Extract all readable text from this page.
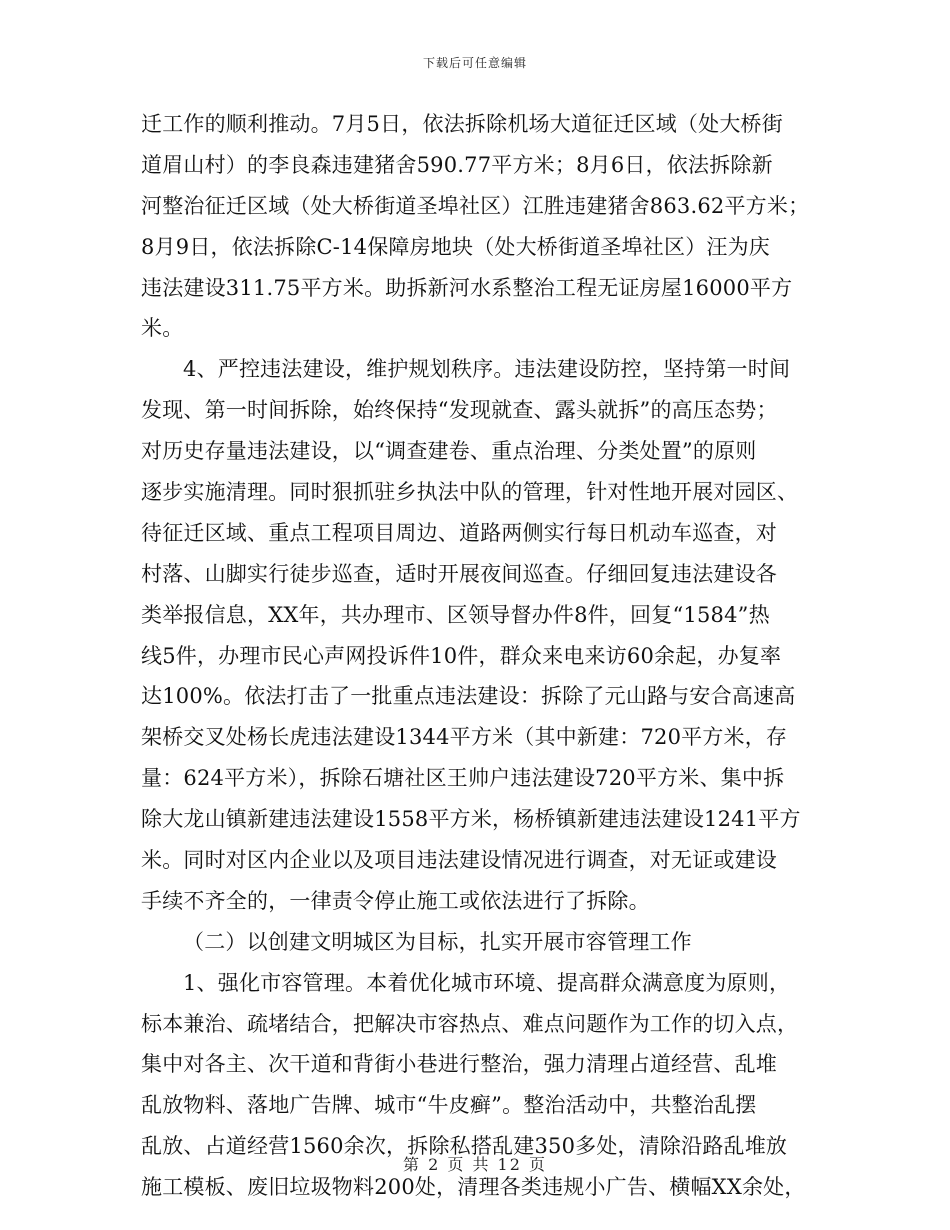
下载后可任意编辑
迁工作的顺利推动。7月5日，依法拆除机场大道征迁区域（处大桥街
道眉山村）的李良森违建猪舍590.77平方米；8月6日，依法拆除新
河整治征迁区域（处大桥街道圣埠社区）江胜违建猪舍863.62平方米；
8月9日，依法拆除C-14保障房地块（处大桥街道圣埠社区）汪为庆
违法建设311.75平方米。助拆新河水系整治工程无证房屋16000平方
米。
4、严控违法建设，维护规划秩序。违法建设防控，坚持第一时间
发现、第一时间拆除，始终保持“发现就查、露头就拆”的高压态势；
对历史存量违法建设，以“调查建卷、重点治理、分类处置”的原则
逐步实施清理。同时狠抓驻乡执法中队的管理，针对性地开展对园区、
待征迁区域、重点工程项目周边、道路两侧实行每日机动车巡查，对
村落、山脚实行徒步巡查，适时开展夜间巡查。仔细回复违法建设各
类举报信息，XX年，共办理市、区领导督办件8件，回复“1584”热
线5件，办理市民心声网投诉件10件，群众来电来访60余起，办复率
达100%。依法打击了一批重点违法建设：拆除了元山路与安合高速高
架桥交叉处杨长虎违法建设1344平方米（其中新建：720平方米，存
量：624平方米），拆除石塘社区王帅户违法建设720平方米、集中拆
除大龙山镇新建违法建设1558平方米，杨桥镇新建违法建设1241平方
米。同时对区内企业以及项目违法建设情况进行调查，对无证或建设
手续不齐全的，一律责令停止施工或依法进行了拆除。
（二）以创建文明城区为目标，扎实开展市容管理工作
1、强化市容管理。本着优化城市环境、提高群众满意度为原则，
标本兼治、疏堵结合，把解决市容热点、难点问题作为工作的切入点，
集中对各主、次干道和背街小巷进行整治，强力清理占道经营、乱堆
乱放物料、落地广告牌、城市“牛皮癣”。整治活动中，共整治乱摆
乱放、占道经营1560余次，拆除私搭乱建350多处，清除沿路乱堆放
施工模板、废旧垃圾物料200处，清理各类违规小广告、横幅XX余处，
第 2 页 共 12 页
